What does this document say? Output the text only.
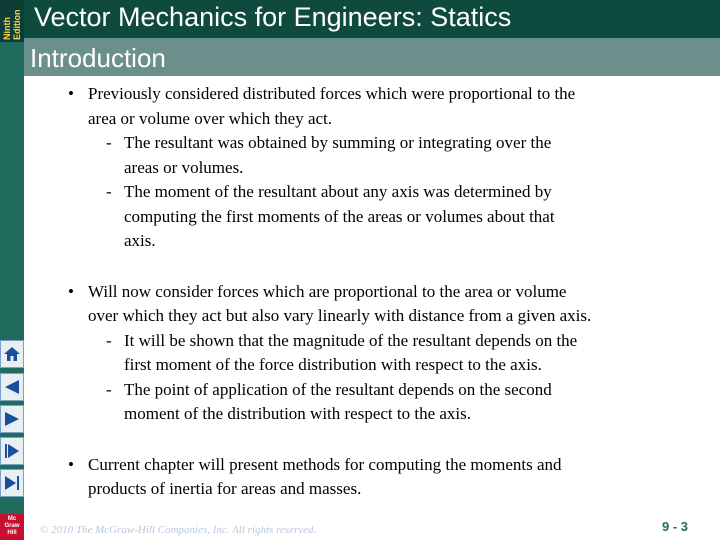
Ninth Edition Vector Mechanics for Engineers: Statics
Introduction
• Previously considered distributed forces which were proportional to the
area or volume over which they act.
- The resultant was obtained by summing or integrating over the
areas or volumes.
- The moment of the resultant about any axis was determined by
computing the first moments of the areas or volumes about that
axis.
• Will now consider forces which are proportional to the area or volume
over which they act but also vary linearly with distance from a given axis.
- It will be shown that the magnitude of the resultant depends on the
first moment of the force distribution with respect to the axis.
- The point of application of the resultant depends on the second
moment of the distribution with respect to the axis.
• Current chapter will present methods for computing the moments and
products of inertia for areas and masses.
Mc
Graw
Hill	© 2010 The McGraw-Hill Companies, Inc. All rights reserved.	9 - 3
